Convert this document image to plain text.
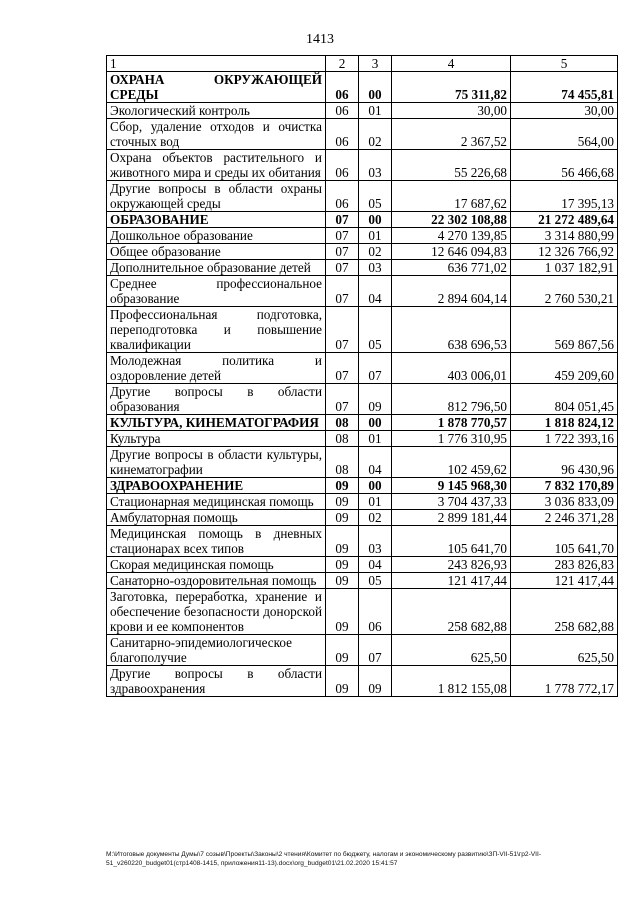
1413
1	2	3	4	5
ОХРАНА ОКРУЖАЮЩЕЙ СРЕДЫ	06	00	75 311,82	74 455,81
Экологический контроль	06	01	30,00	30,00
Сбор, удаление отходов и очистка сточных вод	06	02	2 367,52	564,00
Охрана объектов растительного и животного мира и среды их обитания	06	03	55 226,68	56 466,68
Другие вопросы в области охраны окружающей среды	06	05	17 687,62	17 395,13
ОБРАЗОВАНИЕ	07	00	22 302 108,88	21 272 489,64
Дошкольное образование	07	01	4 270 139,85	3 314 880,99
Общее образование	07	02	12 646 094,83	12 326 766,92
Дополнительное образование детей	07	03	636 771,02	1 037 182,91
Среднее профессиональное образование	07	04	2 894 604,14	2 760 530,21
Профессиональная подготовка, переподготовка и повышение квалификации	07	05	638 696,53	569 867,56
Молодежная политика и оздоровление детей	07	07	403 006,01	459 209,60
Другие вопросы в области образования	07	09	812 796,50	804 051,45
КУЛЬТУРА, КИНЕМАТОГРАФИЯ	08	00	1 878 770,57	1 818 824,12
Культура	08	01	1 776 310,95	1 722 393,16
Другие вопросы в области культуры, кинематографии	08	04	102 459,62	96 430,96
ЗДРАВООХРАНЕНИЕ	09	00	9 145 968,30	7 832 170,89
Стационарная медицинская помощь	09	01	3 704 437,33	3 036 833,09
Амбулаторная помощь	09	02	2 899 181,44	2 246 371,28
Медицинская помощь в дневных стационарах всех типов	09	03	105 641,70	105 641,70
Скорая медицинская помощь	09	04	243 826,93	283 826,83
Санаторно-оздоровительная помощь	09	05	121 417,44	121 417,44
Заготовка, переработка, хранение и обеспечение безопасности донорской крови и ее компонентов	09	06	258 682,88	258 682,88
Санитарно-эпидемиологическое благополучие	09	07	625,50	625,50
Другие вопросы в области здравоохранения	09	09	1 812 155,08	1 778 772,17
M:\Итоговые документы Думы\7 созыв\Проекты\Законы\2 чтения\Комитет по бюджету, налогам и экономическому развитию\ЗП-VII-51\гр2-VII-51_v260220_budget01(стр1408-1415, приложения11-13).docx\org_budget01\21.02.2020 15:41:57
